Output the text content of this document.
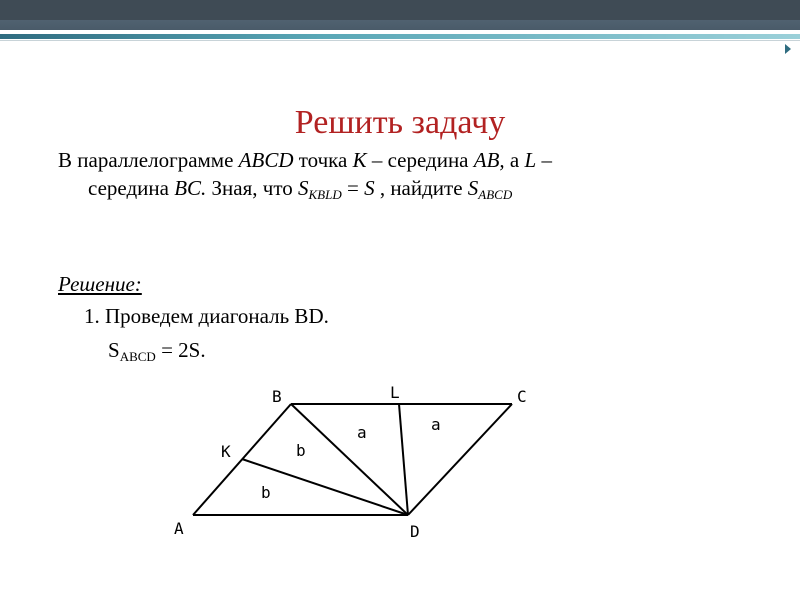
Решить задачу
В параллелограмме ABCD точка К – середина AB, а L –
середина BC. Зная, что $S_{KBLD} = S$ , найдите $S_{ABCD}$
Решение:
1. Проведем диагональ BD.
$S_{ABCD} = 2S$.
A
B	C
D
K
L
a	a
b
b
